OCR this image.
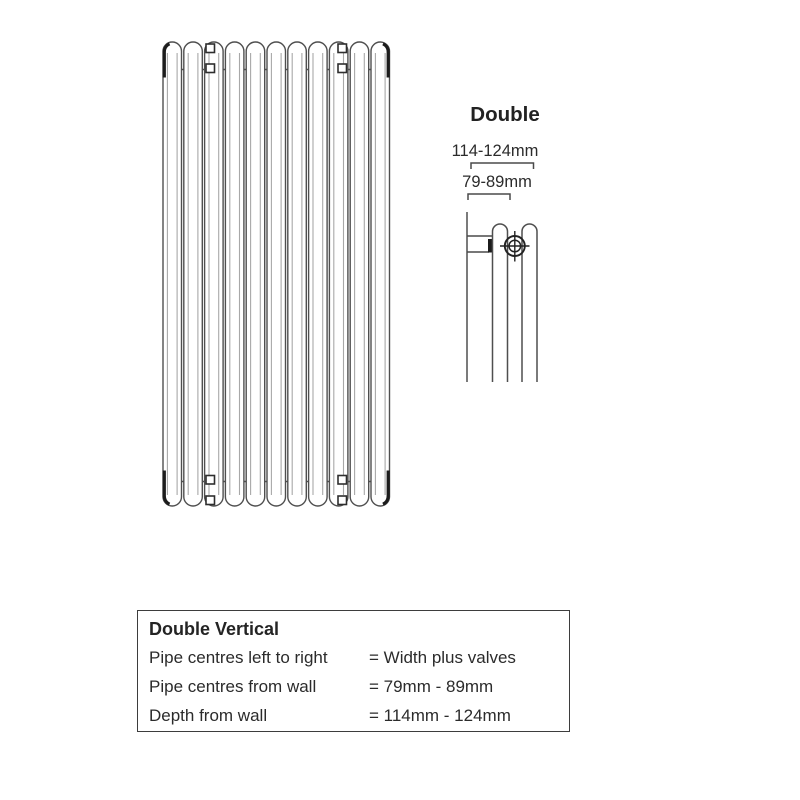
Double
114-124mm
79-89mm
Double Vertical
Pipe centres left to right	= Width plus valves
Pipe centres from wall	= 79mm - 89mm
Depth from wall	= 114mm - 124mm
